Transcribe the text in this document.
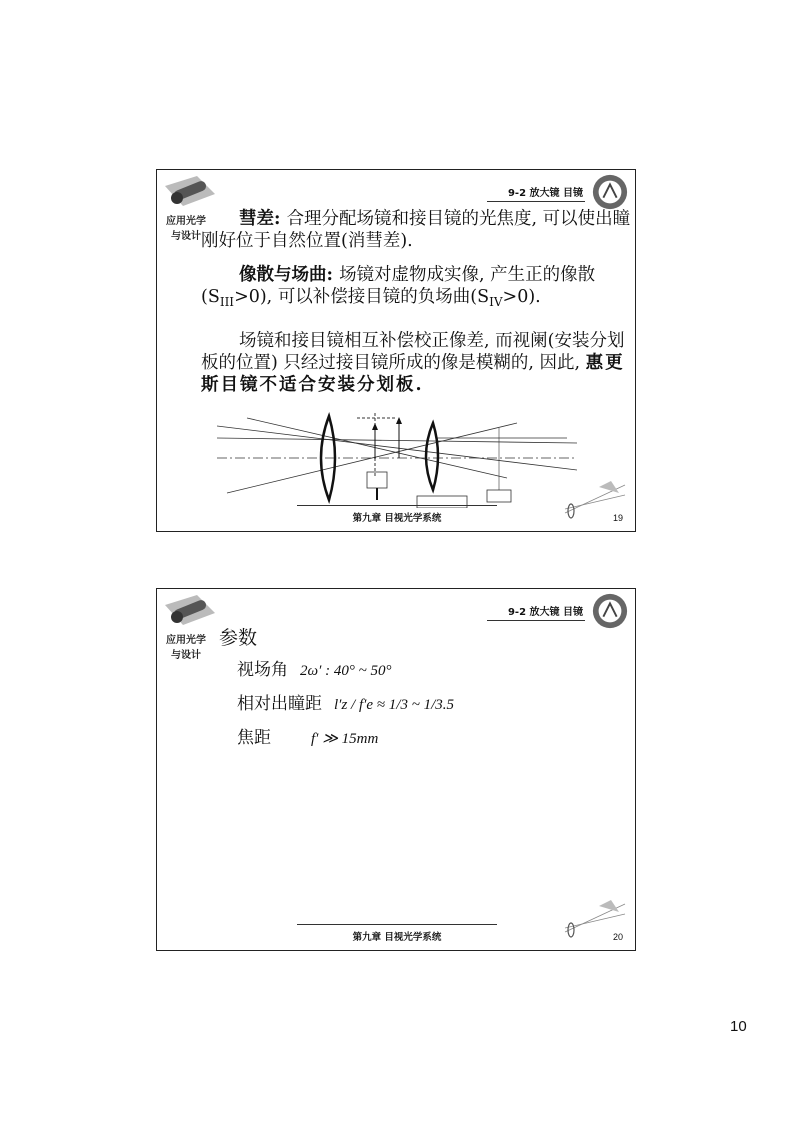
应用光学
与设计
9-2 放大镜 目镜
彗差: 合理分配场镜和接目镜的光焦度, 可以使出瞳刚好位于自然位置(消彗差).
像散与场曲: 场镜对虚物成实像, 产生正的像散$(S_{III}>0)$, 可以补偿接目镜的负场曲$(S_{IV}>0)$.
场镜和接目镜相互补偿校正像差, 而视阑(安装分划板的位置) 只经过接目镜所成的像是模糊的, 因此, 惠更斯目镜不适合安装分划板.
第九章 目视光学系统	19
应用光学
与设计
9-2 放大镜 目镜
参数
视场角 2ω′ : 40° ~ 50°
相对出瞳距 l′z / f′e ≈ 1/3 ~ 1/3.5
焦距	f′ ≫ 15mm
第九章 目视光学系统	20
10
